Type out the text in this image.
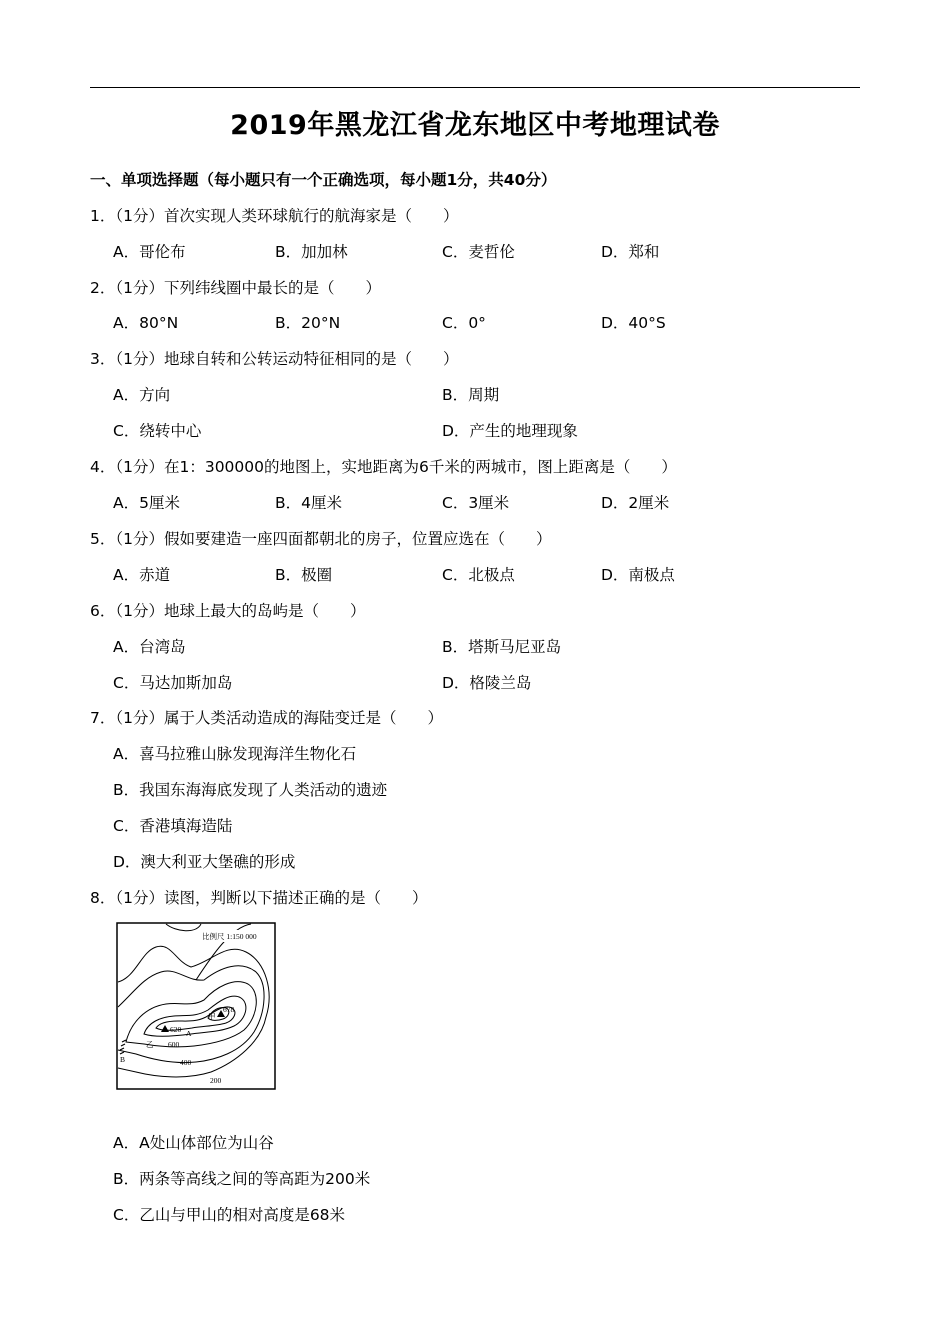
2019年黑龙江省龙东地区中考地理试卷
一、单项选择题（每小题只有一个正确选项，每小题1分，共40分）
1．（1分）首次实现人类环球航行的航海家是（　　）
A．哥伦布	B．加加林	C．麦哲伦	D．郑和
2．（1分）下列纬线圈中最长的是（　　）
A．80°N	B．20°N	C．0°	D．40°S
3．（1分）地球自转和公转运动特征相同的是（　　）
A．方向	B．周期
C．绕转中心	D．产生的地理现象
4．（1分）在1：300000的地图上，实地距离为6千米的两城市，图上距离是（　　）
A．5厘米	B．4厘米	C．3厘米	D．2厘米
5．（1分）假如要建造一座四面都朝北的房子，位置应选在（　　）
A．赤道	B．极圈	C．北极点	D．南极点
6．（1分）地球上最大的岛屿是（　　）
A．台湾岛	B．塔斯马尼亚岛
C．马达加斯加岛	D．格陵兰岛
7．（1分）属于人类活动造成的海陆变迁是（　　）
A．喜马拉雅山脉发现海洋生物化石
B．我国东海海底发现了人类活动的遗迹
C．香港填海造陆
D．澳大利亚大堡礁的形成
8．（1分）读图，判断以下描述正确的是（　　）
比例尺 1:150 000
甲
乙
A
B
620
678
600
400
200
A．A处山体部位为山谷
B．两条等高线之间的等高距为200米
C．乙山与甲山的相对高度是68米
